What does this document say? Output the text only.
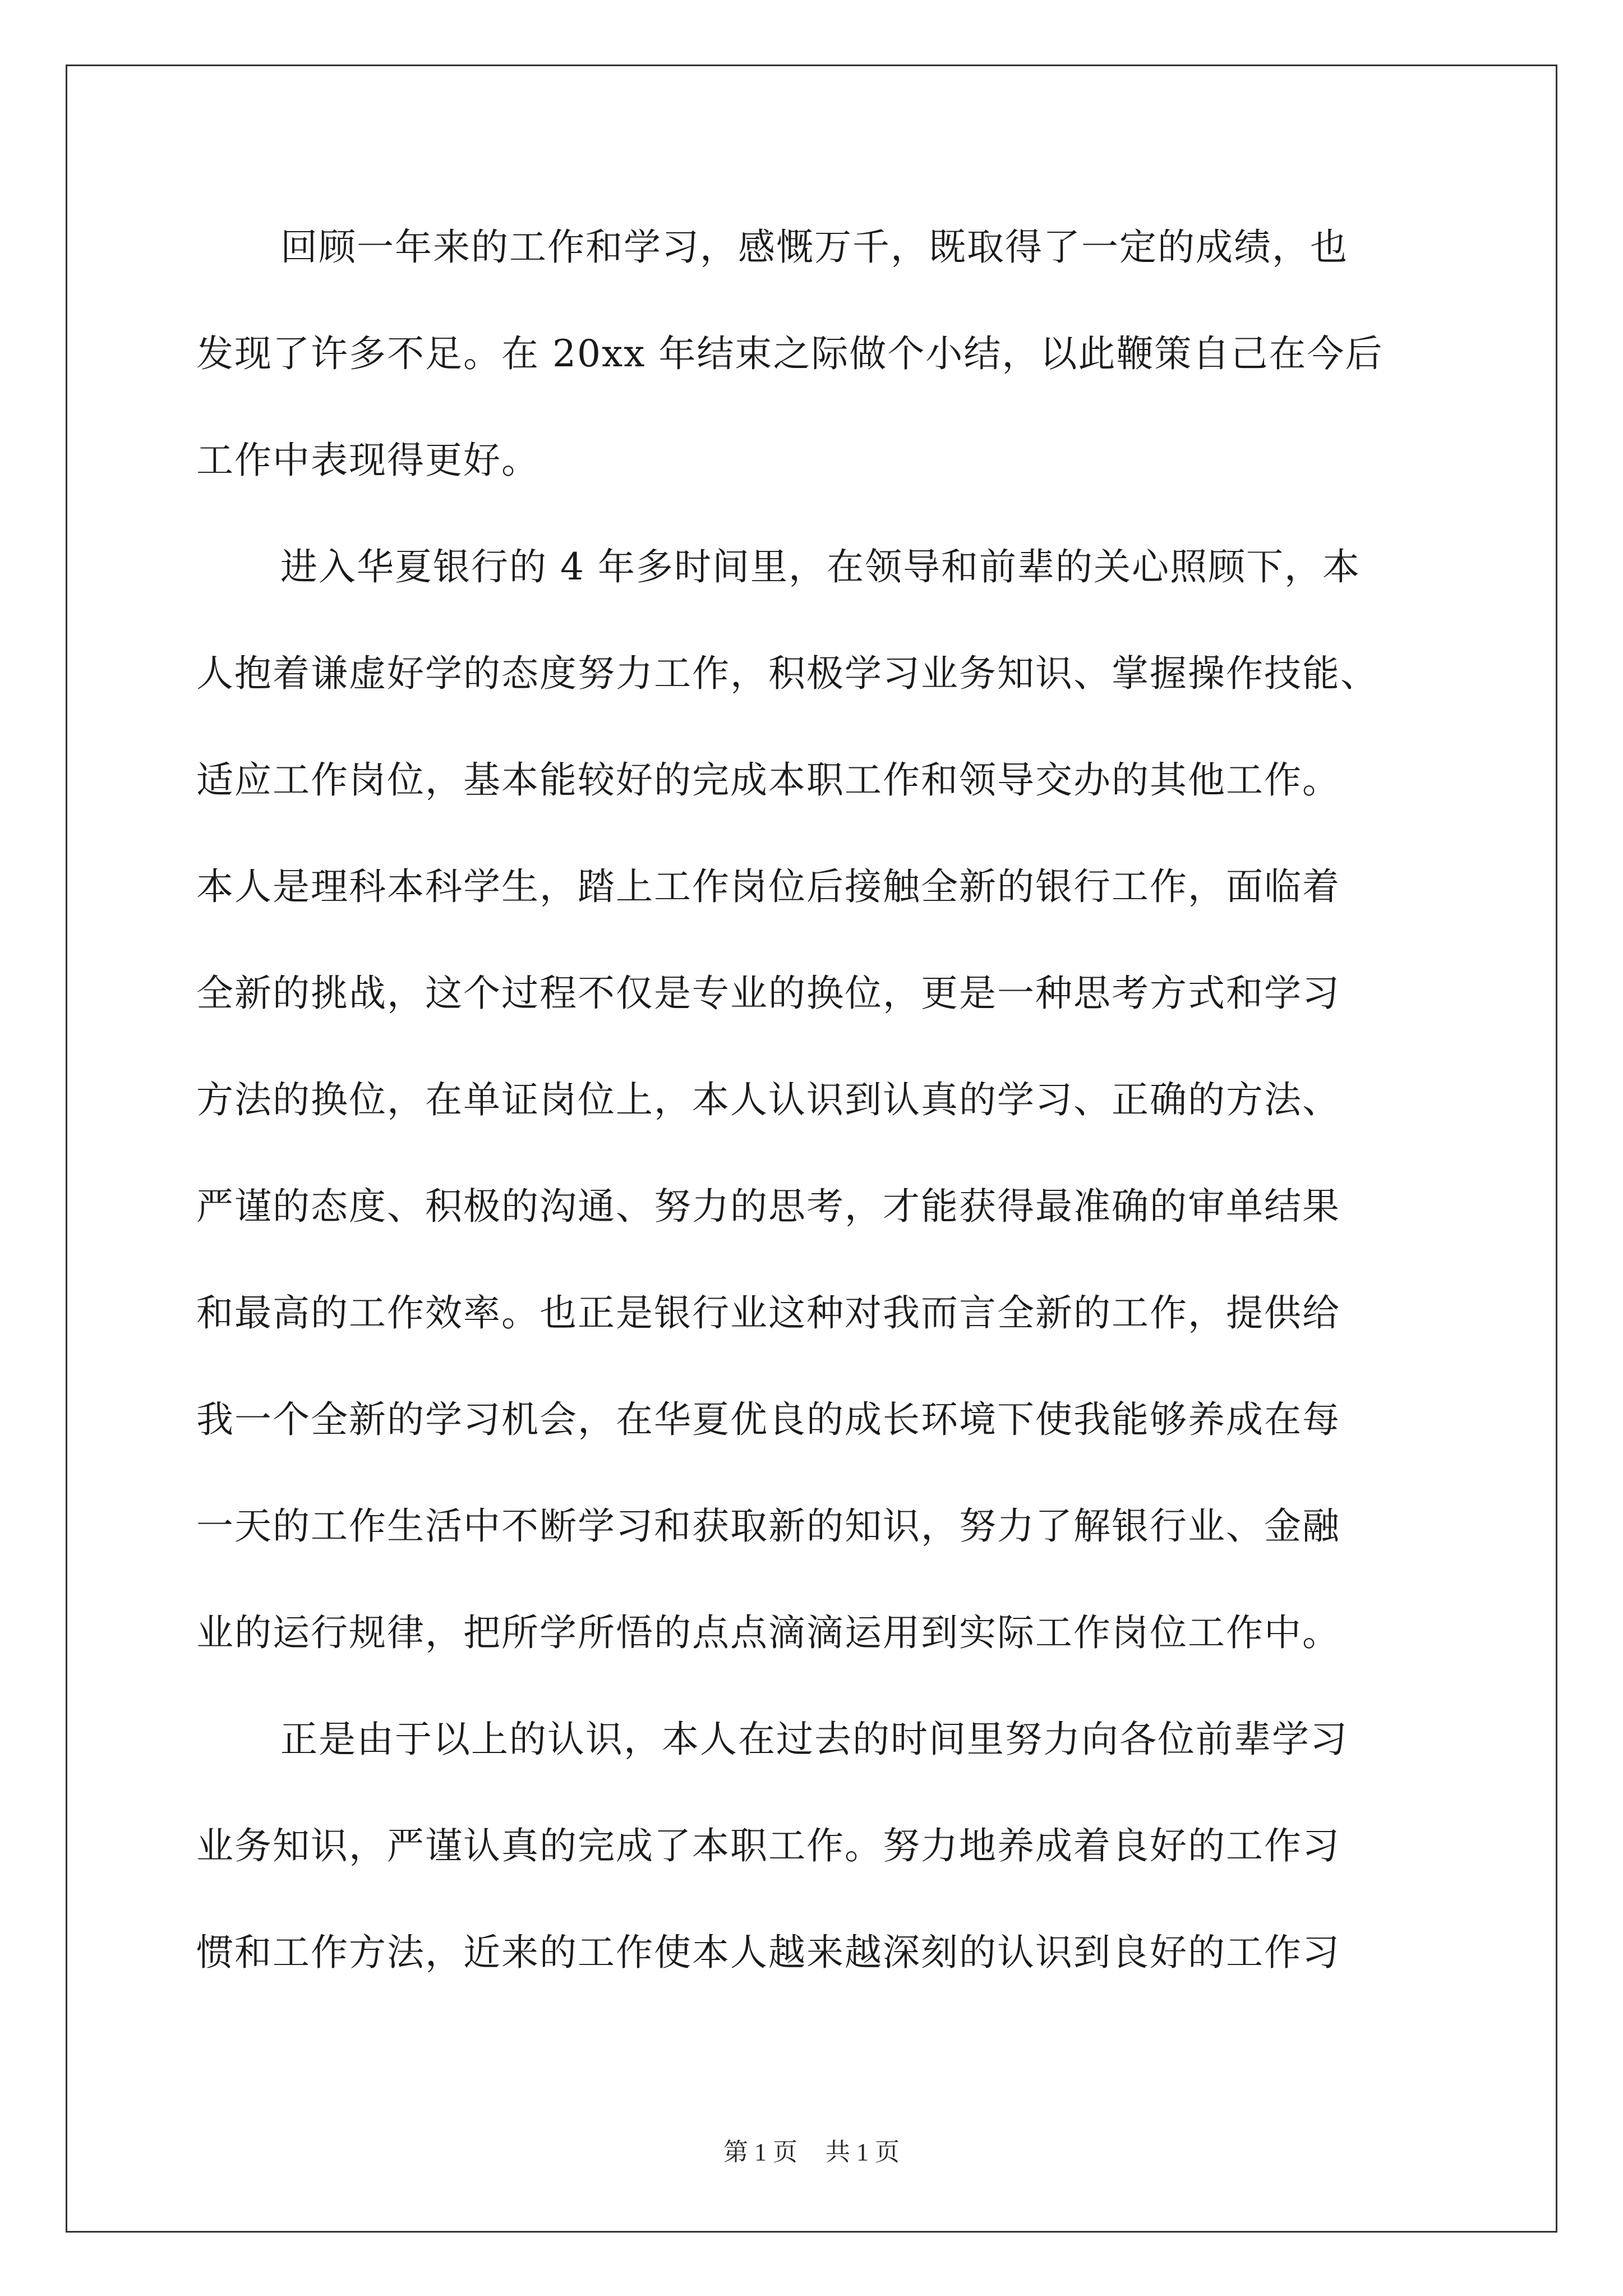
回顾一年来的工作和学习，感慨万千，既取得了一定的成绩，也
发现了许多不足。在 20xx 年结束之际做个小结，以此鞭策自己在今后
工作中表现得更好。
进入华夏银行的 4 年多时间里，在领导和前辈的关心照顾下，本
人抱着谦虚好学的态度努力工作，积极学习业务知识、掌握操作技能、
适应工作岗位，基本能较好的完成本职工作和领导交办的其他工作。
本人是理科本科学生，踏上工作岗位后接触全新的银行工作，面临着
全新的挑战，这个过程不仅是专业的换位，更是一种思考方式和学习
方法的换位，在单证岗位上，本人认识到认真的学习、正确的方法、
严谨的态度、积极的沟通、努力的思考，才能获得最准确的审单结果
和最高的工作效率。也正是银行业这种对我而言全新的工作，提供给
我一个全新的学习机会，在华夏优良的成长环境下使我能够养成在每
一天的工作生活中不断学习和获取新的知识，努力了解银行业、金融
业的运行规律，把所学所悟的点点滴滴运用到实际工作岗位工作中。
正是由于以上的认识，本人在过去的时间里努力向各位前辈学习
业务知识，严谨认真的完成了本职工作。努力地养成着良好的工作习
惯和工作方法，近来的工作使本人越来越深刻的认识到良好的工作习
第 1 页 共 1 页
